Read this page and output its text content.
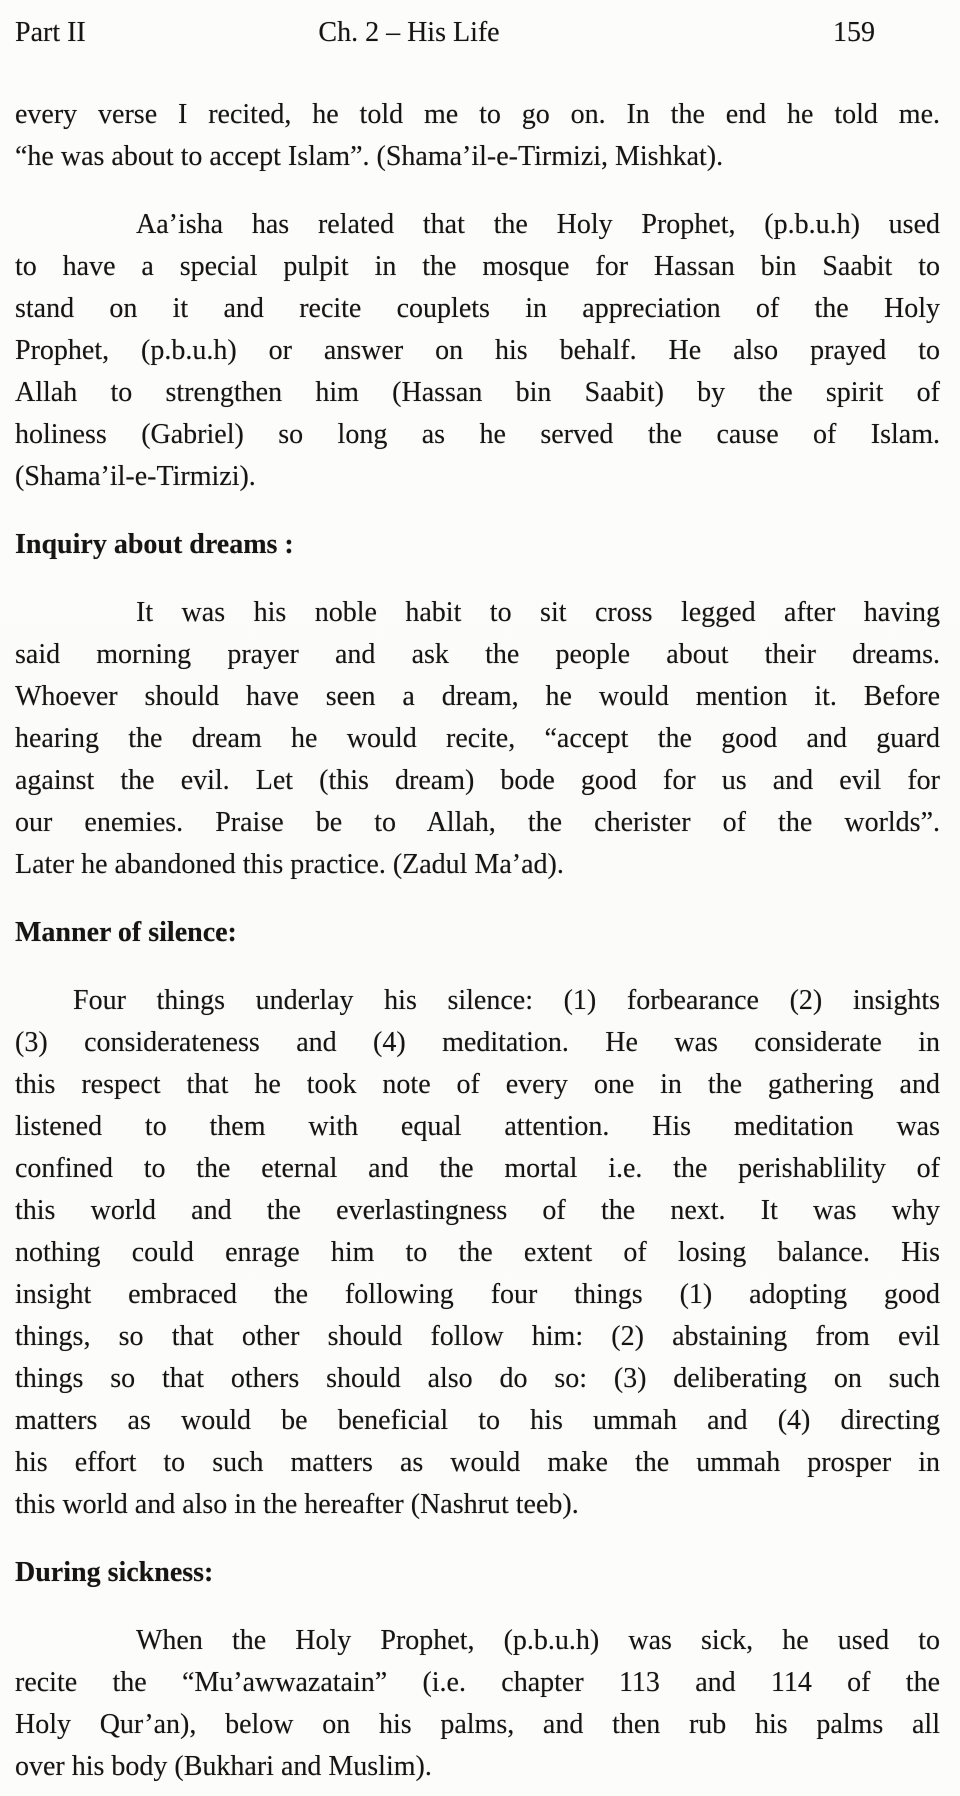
Part II	Ch. 2 – His Life	159
every verse I recited, he told me to go on. In the end he told me.
“he was about to accept Islam”. (Shama’il-e-Tirmizi, Mishkat).
Aa’isha has related that the Holy Prophet, (p.b.u.h) used
to have a special pulpit in the mosque for Hassan bin Saabit to
stand on it and recite couplets in appreciation of the Holy
Prophet, (p.b.u.h) or answer on his behalf. He also prayed to
Allah to strengthen him (Hassan bin Saabit) by the spirit of
holiness (Gabriel) so long as he served the cause of Islam.
(Shama’il-e-Tirmizi).
Inquiry about dreams :
It was his noble habit to sit cross legged after having
said morning prayer and ask the people about their dreams.
Whoever should have seen a dream, he would mention it. Before
hearing the dream he would recite, “accept the good and guard
against the evil. Let (this dream) bode good for us and evil for
our enemies. Praise be to Allah, the cherister of the worlds”.
Later he abandoned this practice. (Zadul Ma’ad).
Manner of silence:
Four things underlay his silence: (1) forbearance (2) insights
(3) considerateness and (4) meditation. He was considerate in
this respect that he took note of every one in the gathering and
listened to them with equal attention. His meditation was
confined to the eternal and the mortal i.e. the perishablility of
this world and the everlastingness of the next. It was why
nothing could enrage him to the extent of losing balance. His
insight embraced the following four things (1) adopting good
things, so that other should follow him: (2) abstaining from evil
things so that others should also do so: (3) deliberating on such
matters as would be beneficial to his ummah and (4) directing
his effort to such matters as would make the ummah prosper in
this world and also in the hereafter (Nashrut teeb).
During sickness:
When the Holy Prophet, (p.b.u.h) was sick, he used to
recite the “Mu’awwazatain” (i.e. chapter 113 and 114 of the
Holy Qur’an), below on his palms, and then rub his palms all
over his body (Bukhari and Muslim).
